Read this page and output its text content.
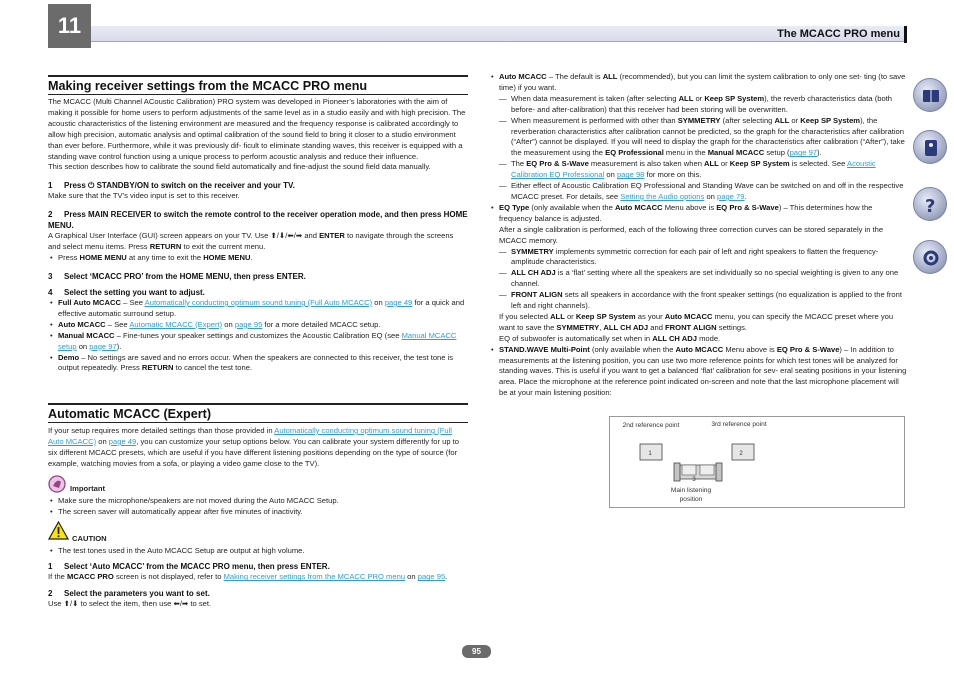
11	The MCACC PRO menu
Making receiver settings from the MCACC PRO menu

The MCACC (Multi Channel ACoustic Calibration) PRO system was developed in Pioneer’s laboratories with the aim of making it possible for home users to perform adjustments of the same level as in a studio easily and with high precision. The acoustic characteristics of the listening environment are measured and the frequency response is calibrated accordingly to allow high precision, automatic analysis and optimal calibration of the sound field to bring it closer to a studio environment than ever before. Furthermore, while it was previously dif- ficult to eliminate standing waves, this receiver is equipped with a standing wave control function using a unique process to perform acoustic analysis and reduce their influence.

This section describes how to calibrate the sound field automatically and fine-adjust the sound field data manually.

1 Press ⏻ STANDBY/ON to switch on the receiver and your TV.

Make sure that the TV’s video input is set to this receiver.

2 Press MAIN RECEIVER to switch the remote control to the receiver operation mode, and then press HOME MENU.

A Graphical User Interface (GUI) screen appears on your TV. Use ⬆/⬇/⬅/➡ and ENTER to navigate through the screens and select menu items. Press RETURN to exit the current menu.

• Press HOME MENU at any time to exit the HOME MENU.

3 Select ‘MCACC PRO’ from the HOME MENU, then press ENTER.
4 Select the setting you want to adjust.

• Full Auto MCACC – See Automatically conducting optimum sound tuning (Full Auto MCACC) on page 49 for a quick and effective automatic surround setup.

• Auto MCACC – See Automatic MCACC (Expert) on page 95 for a more detailed MCACC setup.

• Manual MCACC – Fine-tunes your speaker settings and customizes the Acoustic Calibration EQ (see Manual MCACC setup on page 97).

• Demo – No settings are saved and no errors occur. When the speakers are connected to this receiver, the test tone is output repeatedly. Press RETURN to cancel the test tone.

Automatic MCACC (Expert)

If your setup requires more detailed settings than those provided in Automatically conducting optimum sound tuning (Full Auto MCACC) on page 49, you can customize your setup options below. You can calibrate your system differently for up to six different MCACC presets, which are useful if you have different listening positions depending on the type of source (for example, watching movies from a sofa, or playing a video game close to the TV).

Important

• Make sure the microphone/speakers are not moved during the Auto MCACC Setup.

• The screen saver will automatically appear after five minutes of inactivity.

CAUTION

• The test tones used in the Auto MCACC Setup are output at high volume.

1 Select ‘Auto MCACC’ from the MCACC PRO menu, then press ENTER.

If the MCACC PRO screen is not displayed, refer to Making receiver settings from the MCACC PRO menu on page 95.

2 Select the parameters you want to set.

Use ⬆/⬇ to select the item, then use ⬅/➡ to set.

• Auto MCACC – The default is ALL (recommended), but you can limit the system calibration to only one set- ting (to save time) if you want.

— When data measurement is taken (after selecting ALL or Keep SP System), the reverb characteristics data (both before- and after-calibration) that this receiver had been storing will be overwritten.

— When measurement is performed with other than SYMMETRY (after selecting ALL or Keep SP System), the reverberation characteristics after calibration cannot be predicted, so the graph for the characteristics after calibration (“After”) cannot be displayed. If you will need to display the graph for the characteristics after calibration (“After”), take the measurement using the EQ Professional menu in the Manual MCACC setup (page 97).

— The EQ Pro & S-Wave measurement is also taken when ALL or Keep SP System is selected. See Acoustic Calibration EQ Professional on page 98 for more on this.

— Either effect of Acoustic Calibration EQ Professional and Standing Wave can be switched on and off in the respective MCACC preset. For details, see Setting the Audio options on page 79.

• EQ Type (only available when the Auto MCACC Menu above is EQ Pro & S-Wave) – This determines how the frequency balance is adjusted.

After a single calibration is performed, each of the following three correction curves can be stored separately in the MCACC memory.

— SYMMETRY implements symmetric correction for each pair of left and right speakers to flatten the frequency-amplitude characteristics.

— ALL CH ADJ is a ‘flat’ setting where all the speakers are set individually so no special weighting is given to any one channel.

— FRONT ALIGN sets all speakers in accordance with the front speaker settings (no equalization is applied to the front left and right channels).

If you selected ALL or Keep SP System as your Auto MCACC menu, you can specify the MCACC preset where you want to save the SYMMETRY, ALL CH ADJ and FRONT ALIGN settings.

EQ of subwoofer is automatically set when in ALL CH ADJ mode.

• STAND.WAVE Multi-Point (only available when the Auto MCACC Menu above is EQ Pro & S-Wave) – In addition to measurements at the listening position, you can use two more reference points for which test tones will be analyzed for standing waves. This is useful if you want to get a balanced ‘flat’ calibration for sev- eral seating positions in your listening area. Place the microphone at the reference point indicated on-screen and note that the last microphone placement will be at your main listening position:

2nd reference point	3rd reference point
1	2
3
Main listening position
?
95
